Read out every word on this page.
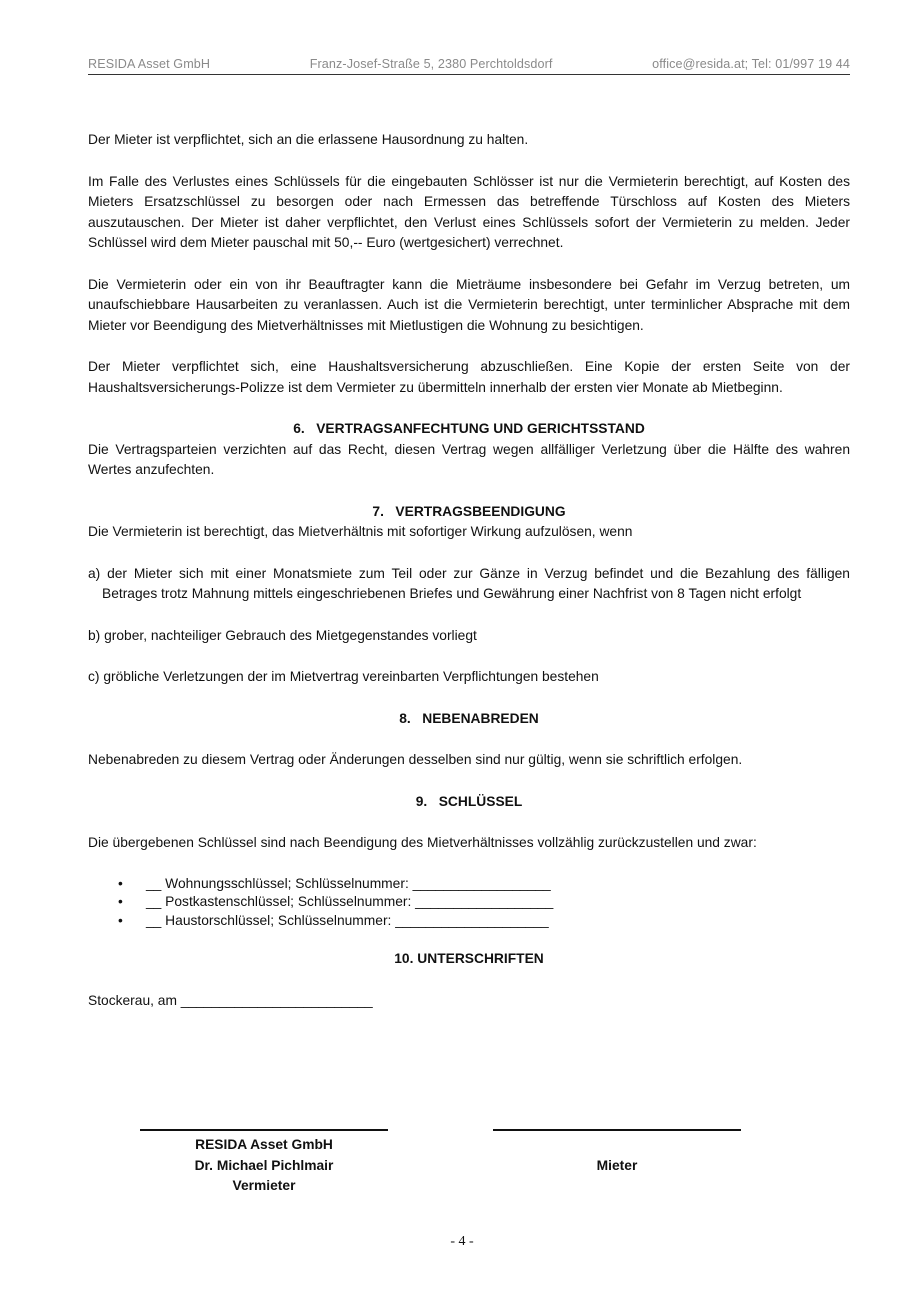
RESIDA Asset GmbH	Franz-Josef-Straße 5, 2380 Perchtoldsdorf	office@resida.at; Tel: 01/997 19 44

Der Mieter ist verpflichtet, sich an die erlassene Hausordnung zu halten.

Im Falle des Verlustes eines Schlüssels für die eingebauten Schlösser ist nur die Vermieterin berechtigt, auf Kosten des Mieters Ersatzschlüssel zu besorgen oder nach Ermessen das betreffende Türschloss auf Kosten des Mieters auszutauschen. Der Mieter ist daher verpflichtet, den Verlust eines Schlüssels sofort der Vermieterin zu melden. Jeder Schlüssel wird dem Mieter pauschal mit 50,-- Euro (wertgesichert) verrechnet.

Die Vermieterin oder ein von ihr Beauftragter kann die Mieträume insbesondere bei Gefahr im Verzug betreten, um unaufschiebbare Hausarbeiten zu veranlassen. Auch ist die Vermieterin berechtigt, unter terminlicher Absprache mit dem Mieter vor Beendigung des Mietverhältnisses mit Mietlustigen die Wohnung zu besichtigen.

Der Mieter verpflichtet sich, eine Haushaltsversicherung abzuschließen. Eine Kopie der ersten Seite von der Haushaltsversicherungs-Polizze ist dem Vermieter zu übermitteln innerhalb der ersten vier Monate ab Mietbeginn.

6.   VERTRAGSANFECHTUNG UND GERICHTSSTAND

Die Vertragsparteien verzichten auf das Recht, diesen Vertrag wegen allfälliger Verletzung über die Hälfte des wahren Wertes anzufechten.

7.   VERTRAGSBEENDIGUNG

Die Vermieterin ist berechtigt, das Mietverhältnis mit sofortiger Wirkung aufzulösen, wenn

a) der Mieter sich mit einer Monatsmiete zum Teil oder zur Gänze in Verzug befindet und die Bezahlung des fälligen Betrages trotz Mahnung mittels eingeschriebenen Briefes und Gewährung einer Nachfrist von 8 Tagen nicht erfolgt

b) grober, nachteiliger Gebrauch des Mietgegenstandes vorliegt

c) gröbliche Verletzungen der im Mietvertrag vereinbarten Verpflichtungen bestehen

8.   NEBENABREDEN

Nebenabreden zu diesem Vertrag oder Änderungen desselben sind nur gültig, wenn sie schriftlich erfolgen.

9.   SCHLÜSSEL

Die übergebenen Schlüssel sind nach Beendigung des Mietverhältnisses vollzählig zurückzustellen und zwar:

• __ Wohnungsschlüssel; Schlüsselnummer: __________________
• __ Postkastenschlüssel; Schlüsselnummer: __________________
• __ Haustorschlüssel; Schlüsselnummer: ____________________

10. UNTERSCHRIFTEN

Stockerau, am _________________________

RESIDA Asset GmbH
Dr. Michael Pichlmair
Vermieter
Mieter
- 4 -
